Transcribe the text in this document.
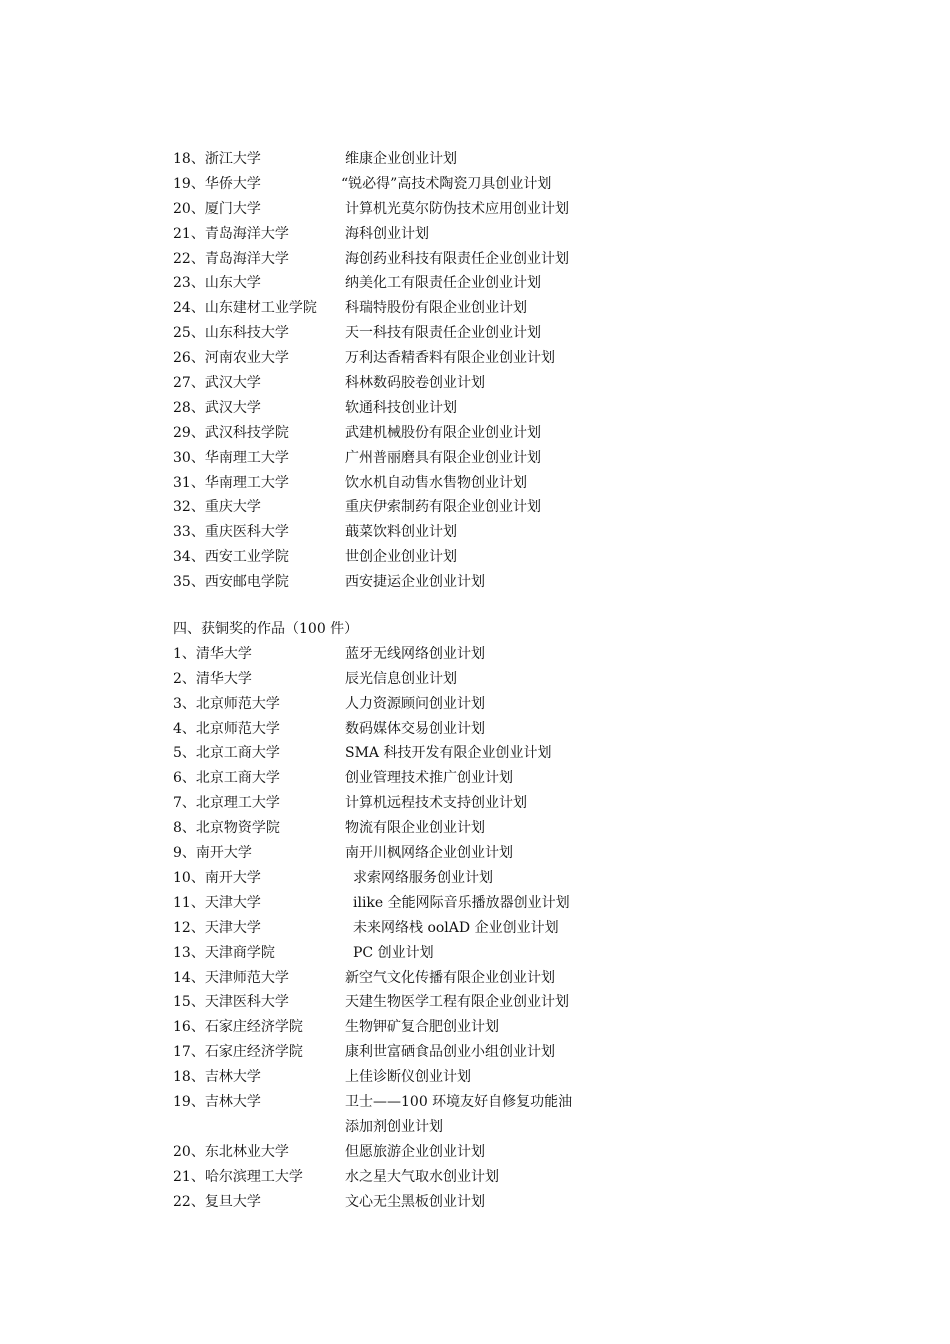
18、浙江大学	维康企业创业计划
19、华侨大学	“锐必得”高技术陶瓷刀具创业计划
20、厦门大学	计算机光莫尔防伪技术应用创业计划
21、青岛海洋大学	海科创业计划
22、青岛海洋大学	海创药业科技有限责任企业创业计划
23、山东大学	纳美化工有限责任企业创业计划
24、山东建材工业学院 科瑞特股份有限企业创业计划
25、山东科技大学	天一科技有限责任企业创业计划
26、河南农业大学	万利达香精香料有限企业创业计划
27、武汉大学	科林数码胶卷创业计划
28、武汉大学	软通科技创业计划
29、武汉科技学院	武建机械股份有限企业创业计划
30、华南理工大学	广州普丽磨具有限企业创业计划
31、华南理工大学	饮水机自动售水售物创业计划
32、重庆大学	重庆伊索制药有限企业创业计划
33、重庆医科大学	蕺菜饮料创业计划
34、西安工业学院	世创企业创业计划
35、西安邮电学院	西安捷运企业创业计划
四、获铜奖的作品（100 件）
1、清华大学	蓝牙无线网络创业计划
2、清华大学	辰光信息创业计划
3、北京师范大学	人力资源顾问创业计划
4、北京师范大学	数码媒体交易创业计划
5、北京工商大学	SMA 科技开发有限企业创业计划
6、北京工商大学	创业管理技术推广创业计划
7、北京理工大学	计算机远程技术支持创业计划
8、北京物资学院	物流有限企业创业计划
9、南开大学	南开川枫网络企业创业计划
10、南开大学	求索网络服务创业计划
11、天津大学	ilike 全能网际音乐播放器创业计划
12、天津大学	未来网络栈 oolAD 企业创业计划
13、天津商学院	PC 创业计划
14、天津师范大学	新空气文化传播有限企业创业计划
15、天津医科大学	天建生物医学工程有限企业创业计划
16、石家庄经济学院	生物钾矿复合肥创业计划
17、石家庄经济学院	康利世富硒食品创业小组创业计划
18、吉林大学	上佳诊断仪创业计划
19、吉林大学	卫士——100 环境友好自修复功能油
添加剂创业计划
20、东北林业大学	但愿旅游企业创业计划
21、哈尔滨理工大学	水之星大气取水创业计划
22、复旦大学	文心无尘黑板创业计划
